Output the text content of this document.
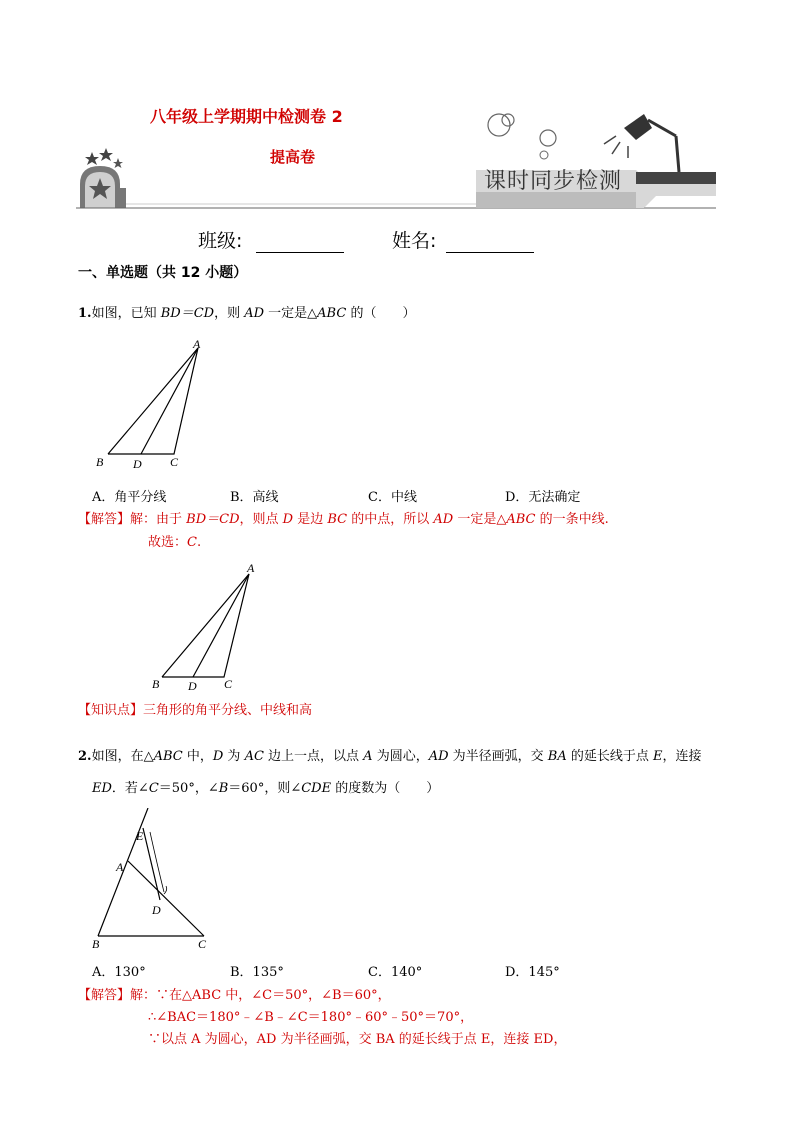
八年级上学期期中检测卷 2
提高卷
课时同步检测
班级:	姓名:
一、单选题（共 12 小题）
1.如图，已知 BD＝CD，则 AD 一定是△ABC 的（　　）
A
B D C
A．角平分线	B．高线	C．中线	D．无法确定
【解答】解：由于 BD＝CD，则点 D 是边 BC 的中点，所以 AD 一定是△ABC 的一条中线.
故选：C.
A
B D C
【知识点】三角形的角平分线、中线和高
2.如图，在△ABC 中，D 为 AC 边上一点，以点 A 为圆心，AD 为半径画弧，交 BA 的延长线于点 E，连接
ED．若∠C＝50°，∠B＝60°，则∠CDE 的度数为（　　）
E
A
D
B	C
A．130°	B．135°	C．140°	D．145°
【解答】解：∵在△ABC 中，∠C＝50°，∠B＝60°，
∴∠BAC＝180°﹣∠B﹣∠C＝180°﹣60°﹣50°＝70°，
∵以点 A 为圆心，AD 为半径画弧，交 BA 的延长线于点 E，连接 ED，
